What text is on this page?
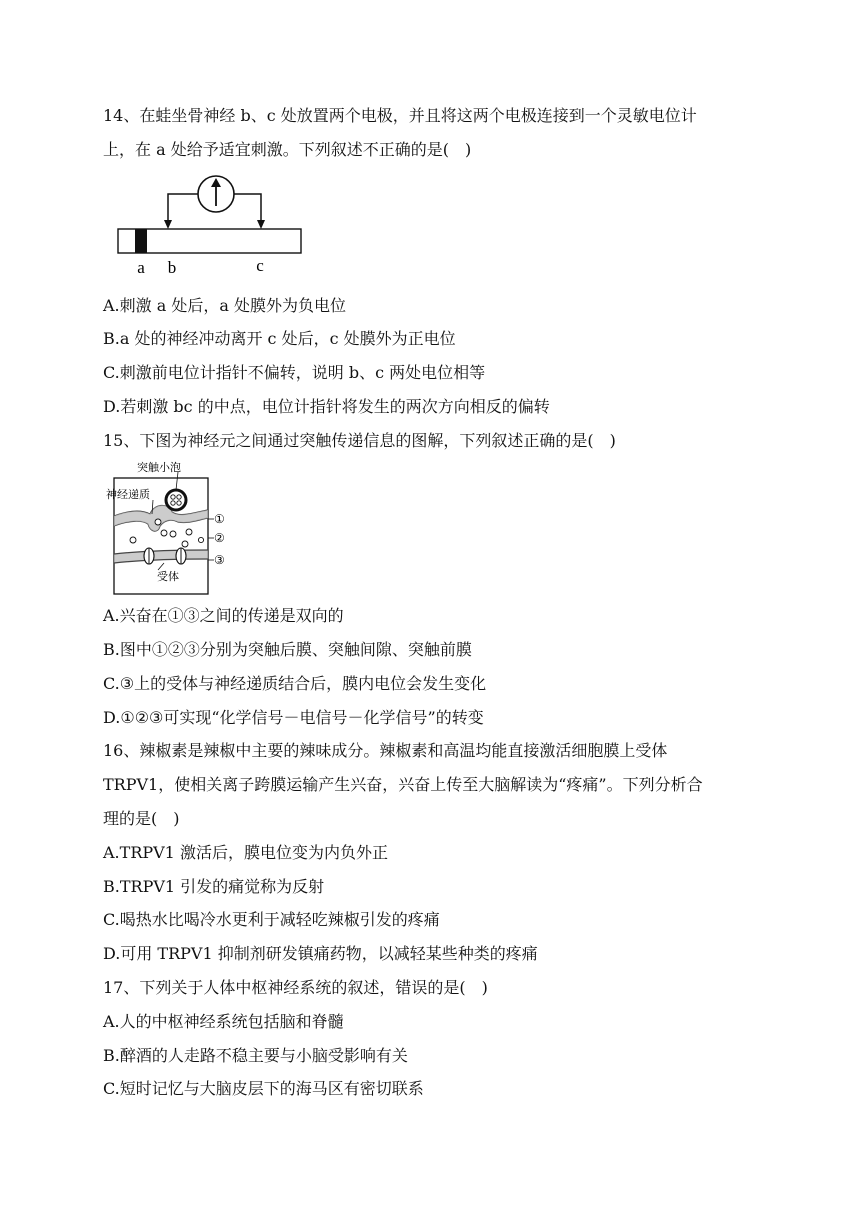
14、在蛙坐骨神经 b、c 处放置两个电极，并且将这两个电极连接到一个灵敏电位计
上，在 a 处给予适宜刺激。下列叙述不正确的是(　)
a b	c
A.刺激 a 处后，a 处膜外为负电位
B.a 处的神经冲动离开 c 处后，c 处膜外为正电位
C.刺激前电位计指针不偏转，说明 b、c 两处电位相等
D.若刺激 bc 的中点，电位计指针将发生的两次方向相反的偏转
15、下图为神经元之间通过突触传递信息的图解，下列叙述正确的是(　)
突触小泡
神经递质
受体
①
②
③
A.兴奋在①③之间的传递是双向的
B.图中①②③分别为突触后膜、突触间隙、突触前膜
C.③上的受体与神经递质结合后，膜内电位会发生变化
D.①②③可实现“化学信号－电信号－化学信号”的转变
16、辣椒素是辣椒中主要的辣味成分。辣椒素和高温均能直接激活细胞膜上受体
TRPV1，使相关离子跨膜运输产生兴奋，兴奋上传至大脑解读为“疼痛”。下列分析合
理的是(　)
A.TRPV1 激活后，膜电位变为内负外正
B.TRPV1 引发的痛觉称为反射
C.喝热水比喝冷水更利于减轻吃辣椒引发的疼痛
D.可用 TRPV1 抑制剂研发镇痛药物，以减轻某些种类的疼痛
17、下列关于人体中枢神经系统的叙述，错误的是(　)
A.人的中枢神经系统包括脑和脊髓
B.醉酒的人走路不稳主要与小脑受影响有关
C.短时记忆与大脑皮层下的海马区有密切联系
